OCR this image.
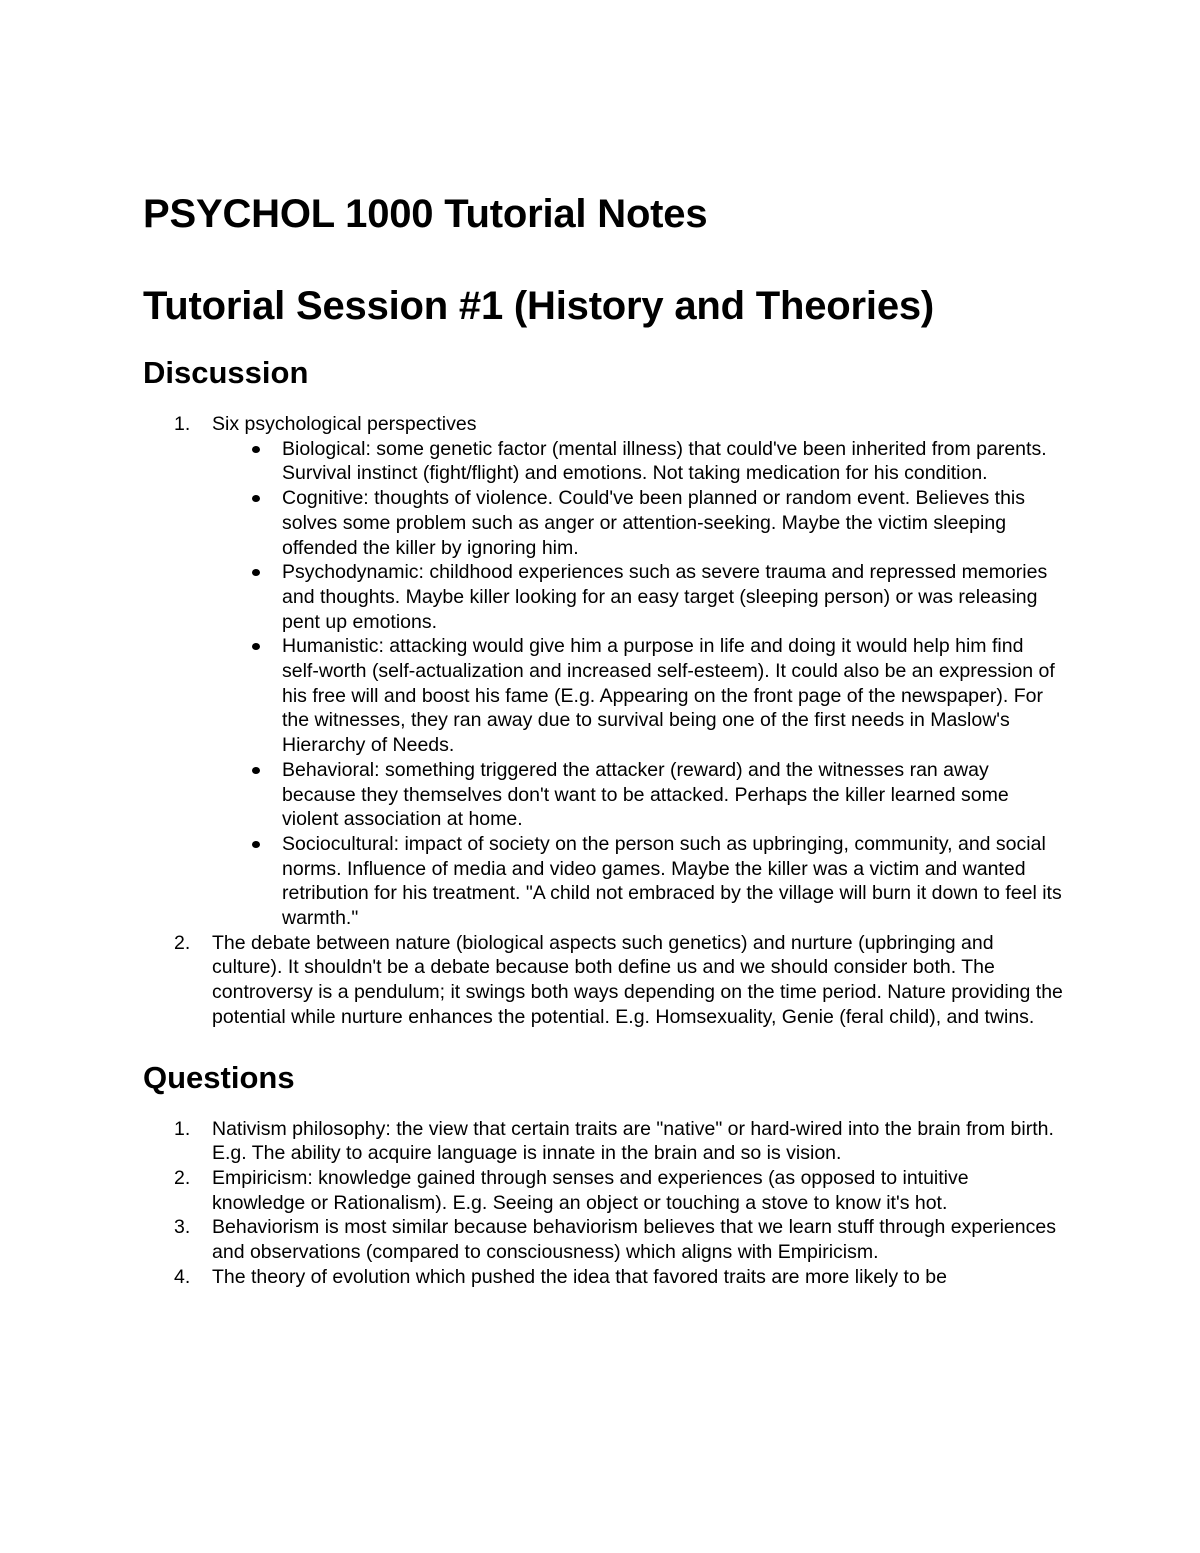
PSYCHOL 1000 Tutorial Notes
Tutorial Session #1 (History and Theories)
Discussion
1. Six psychological perspectives
Biological: some genetic factor (mental illness) that could've been inherited from parents. Survival instinct (fight/flight) and emotions. Not taking medication for his condition.
Cognitive: thoughts of violence. Could've been planned or random event. Believes this solves some problem such as anger or attention-seeking. Maybe the victim sleeping offended the killer by ignoring him.
Psychodynamic: childhood experiences such as severe trauma and repressed memories and thoughts. Maybe killer looking for an easy target (sleeping person) or was releasing pent up emotions.
Humanistic: attacking would give him a purpose in life and doing it would help him find self-worth (self-actualization and increased self-esteem). It could also be an expression of his free will and boost his fame (E.g. Appearing on the front page of the newspaper). For the witnesses, they ran away due to survival being one of the first needs in Maslow's Hierarchy of Needs.
Behavioral: something triggered the attacker (reward) and the witnesses ran away because they themselves don't want to be attacked. Perhaps the killer learned some violent association at home.
Sociocultural: impact of society on the person such as upbringing, community, and social norms. Influence of media and video games. Maybe the killer was a victim and wanted retribution for his treatment. "A child not embraced by the village will burn it down to feel its warmth."
2. The debate between nature (biological aspects such genetics) and nurture (upbringing and culture). It shouldn't be a debate because both define us and we should consider both. The controversy is a pendulum; it swings both ways depending on the time period. Nature providing the potential while nurture enhances the potential. E.g. Homsexuality, Genie (feral child), and twins.
Questions
1. Nativism philosophy: the view that certain traits are "native" or hard-wired into the brain from birth. E.g. The ability to acquire language is innate in the brain and so is vision.
2. Empiricism: knowledge gained through senses and experiences (as opposed to intuitive knowledge or Rationalism). E.g. Seeing an object or touching a stove to know it's hot.
3. Behaviorism is most similar because behaviorism believes that we learn stuff through experiences and observations (compared to consciousness) which aligns with Empiricism.
4. The theory of evolution which pushed the idea that favored traits are more likely to be
